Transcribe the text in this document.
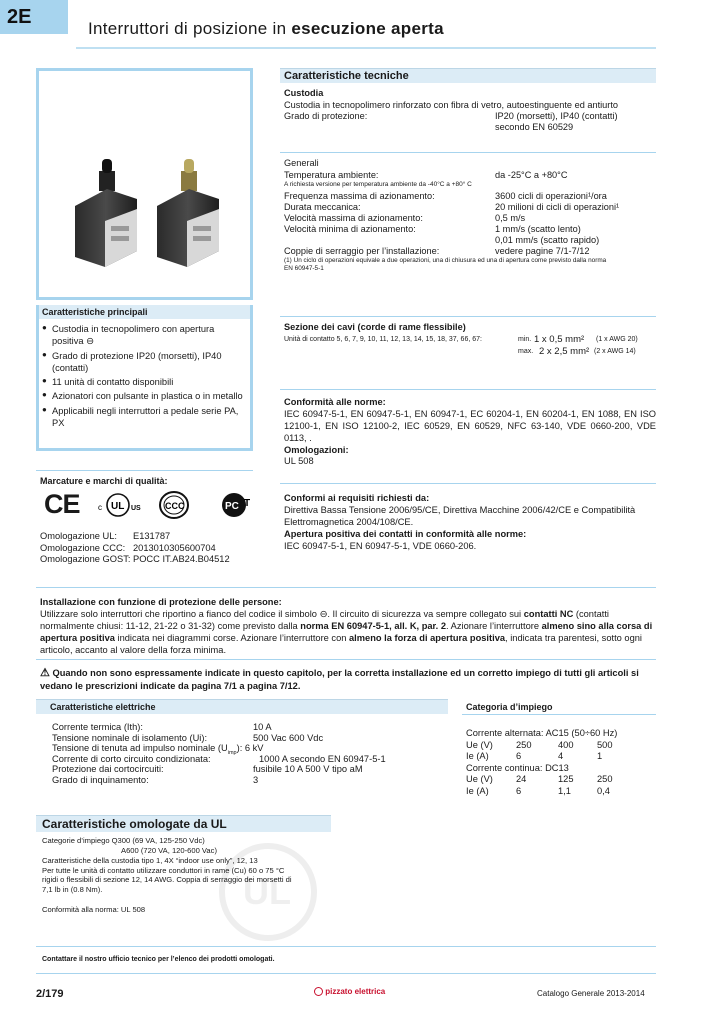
2E
Interruttori di posizione in esecuzione aperta
Caratteristiche principali
● Custodia in tecnopolimero con apertura positiva ⊖
● Grado di protezione IP20 (morsetti), IP40 (contatti)
● 11 unità di contatto disponibili
● Azionatori con pulsante in plastica o in metallo
● Applicabili negli interruttori a pedale serie PA, PX
Marcature e marchi di qualità:
CE c UL US	CCC	PC T
Omologazione UL: E131787
Omologazione CCC: 2013010305600704
Omologazione GOST: POCC IT.AB24.B04512
Caratteristiche tecniche
Custodia
Custodia in tecnopolimero rinforzato con fibra di vetro, autoestinguente ed antiurto
Grado di protezione:	IP20 (morsetti), IP40 (contatti)
secondo EN 60529
Generali
Temperatura ambiente:	da -25°C a +80°C
A richiesta versione per temperatura ambiente da -40°C a +80° C
Frequenza massima di azionamento:	3600 cicli di operazioni¹/ora
Durata meccanica:	20 milioni di cicli di operazioni¹
Velocità massima di azionamento:	0,5 m/s
Velocità minima di azionamento:	1 mm/s (scatto lento)
0,01 mm/s (scatto rapido)
Coppie di serraggio per l’installazione:	vedere pagine 7/1-7/12
(1) Un ciclo di operazioni equivale a due operazioni, una di chiusura ed una di apertura come previsto dalla norma
EN 60947-5-1
Sezione dei cavi (corde di rame flessibile)
Unità di contatto 5, 6, 7, 9, 10, 11, 12, 13, 14, 15, 18, 37, 66, 67:	min. 1 x 0,5 mm² (1 x AWG 20)
max. 2 x 2,5 mm² (2 x AWG 14)
Conformità alle norme:
IEC 60947-5-1, EN 60947-5-1, EN 60947-1, EC 60204-1, EN 60204-1, EN 1088, EN ISO 12100-1, EN ISO 12100-2, IEC 60529, EN 60529, NFC 63-140, VDE 0660-200, VDE 0113, .
Omologazioni:
UL 508
Conformi ai requisiti richiesti da:
Direttiva Bassa Tensione 2006/95/CE, Direttiva Macchine 2006/42/CE e Compatibilità Elettromagnetica 2004/108/CE.
Apertura positiva dei contatti in conformità alle norme:
IEC 60947-5-1, EN 60947-5-1, VDE 0660-206.
Installazione con funzione di protezione delle persone:
Utilizzare solo interruttori che riportino a fianco del codice il simbolo ⊖. Il circuito di sicurezza va sempre collegato sui contatti NC (contatti normalmente chiusi: 11-12, 21-22 o 31-32) come previsto dalla norma EN 60947-5-1, all. K, par. 2. Azionare l’interruttore almeno sino alla corsa di apertura positiva indicata nei diagrammi corse. Azionare l’interruttore con almeno la forza di apertura positiva, indicata tra parentesi, sotto ogni articolo, accanto al valore della forza minima.
⚠ Quando non sono espressamente indicate in questo capitolo, per la corretta installazione ed un corretto impiego di tutti gli articoli si vedano le prescrizioni indicate da pagina 7/1 a pagina 7/12.
Caratteristiche elettriche
Corrente termica (Ith):	10 A
Tensione nominale di isolamento (Ui):	500 Vac 600 Vdc
Tensione di tenuta ad impulso nominale $(U_{imp})$: 6 kV
Corrente di corto circuito condizionata:	1000 A secondo EN 60947-5-1
Protezione dai cortocircuiti:	fusibile 10 A 500 V tipo aM
Grado di inquinamento:	3
Categoria d’impiego
Corrente alternata: AC15 (50÷60 Hz)
Ue (V) 250	400	500
Ie (A)	6	4	1
Corrente continua: DC13
Ue (V) 24	125	250
Ie (A)	6	1,1	0,4
Caratteristiche omologate da UL
UL
Categorie d’impiego Q300 (69 VA, 125-250 Vdc)
A600 (720 VA, 120-600 Vac)
Caratteristiche della custodia tipo 1, 4X “indoor use only”, 12, 13
Per tutte le unità di contatto utilizzare conduttori in rame (Cu) 60 o 75 °C
rigidi o flessibili di sezione 12, 14 AWG. Coppia di serraggio dei morsetti di
7,1 lb in (0.8 Nm).
Conformità alla norma: UL 508
Contattare il nostro ufficio tecnico per l’elenco dei prodotti omologati.
2/179	pizzato elettrica	Catalogo Generale 2013-2014
